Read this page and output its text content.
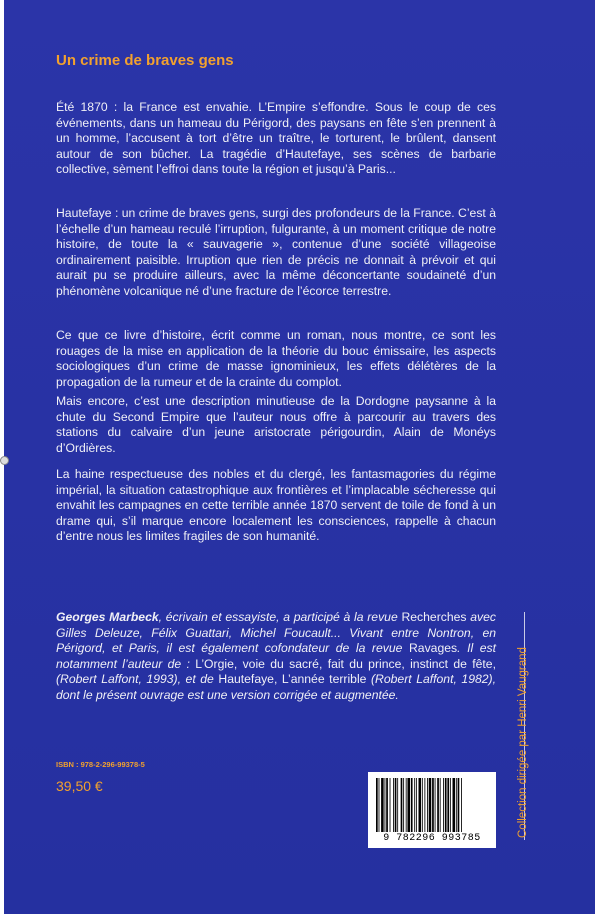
Un crime de braves gens
Été 1870 : la France est envahie. L’Empire s’effondre. Sous le coup de ces événements, dans un hameau du Périgord, des paysans en fête s’en prennent à un homme, l’accusent à tort d’être un traître, le torturent, le brûlent, dansent autour de son bûcher. La tragédie d’Hautefaye, ses scènes de barbarie collective, sèment l’effroi dans toute la région et jusqu’à Paris...
Hautefaye : un crime de braves gens, surgi des profondeurs de la France. C’est à l’échelle d’un hameau reculé l’irruption, fulgurante, à un moment critique de notre histoire, de toute la « sauvagerie », contenue d’une société villageoise ordinairement paisible. Irruption que rien de précis ne donnait à prévoir et qui aurait pu se produire ailleurs, avec la même déconcertante soudaineté d’un phénomène volcanique né d’une fracture de l’écorce terrestre.
Ce que ce livre d’histoire, écrit comme un roman, nous montre, ce sont les rouages de la mise en application de la théorie du bouc émissaire, les aspects sociologiques d’un crime de masse ignominieux, les effets délétères de la propagation de la rumeur et de la crainte du complot.
Mais encore, c’est une description minutieuse de la Dordogne paysanne à la chute du Second Empire que l’auteur nous offre à parcourir au travers des stations du calvaire d’un jeune aristocrate périgourdin, Alain de Monéys d’Ordières.
La haine respectueuse des nobles et du clergé, les fantasmagories du régime impérial, la situation catastrophique aux frontières et l’implacable sécheresse qui envahit les campagnes en cette terrible année 1870 servent de toile de fond à un drame qui, s’il marque encore localement les consciences, rappelle à chacun d’entre nous les limites fragiles de son humanité.
Georges Marbeck, écrivain et essayiste, a participé à la revue Recherches avec Gilles Deleuze, Félix Guattari, Michel Foucault... Vivant entre Nontron, en Périgord, et Paris, il est également cofondateur de la revue Ravages. Il est notamment l’auteur de : L’Orgie, voie du sacré, fait du prince, instinct de fête, (Robert Laffont, 1993), et de Hautefaye, L’année terrible (Robert Laffont, 1982), dont le présent ouvrage est une version corrigée et augmentée.
ISBN : 978-2-296-99378-5
39,50 €
9 782296 993785
Collection dirigée par Henri Vaugrand
